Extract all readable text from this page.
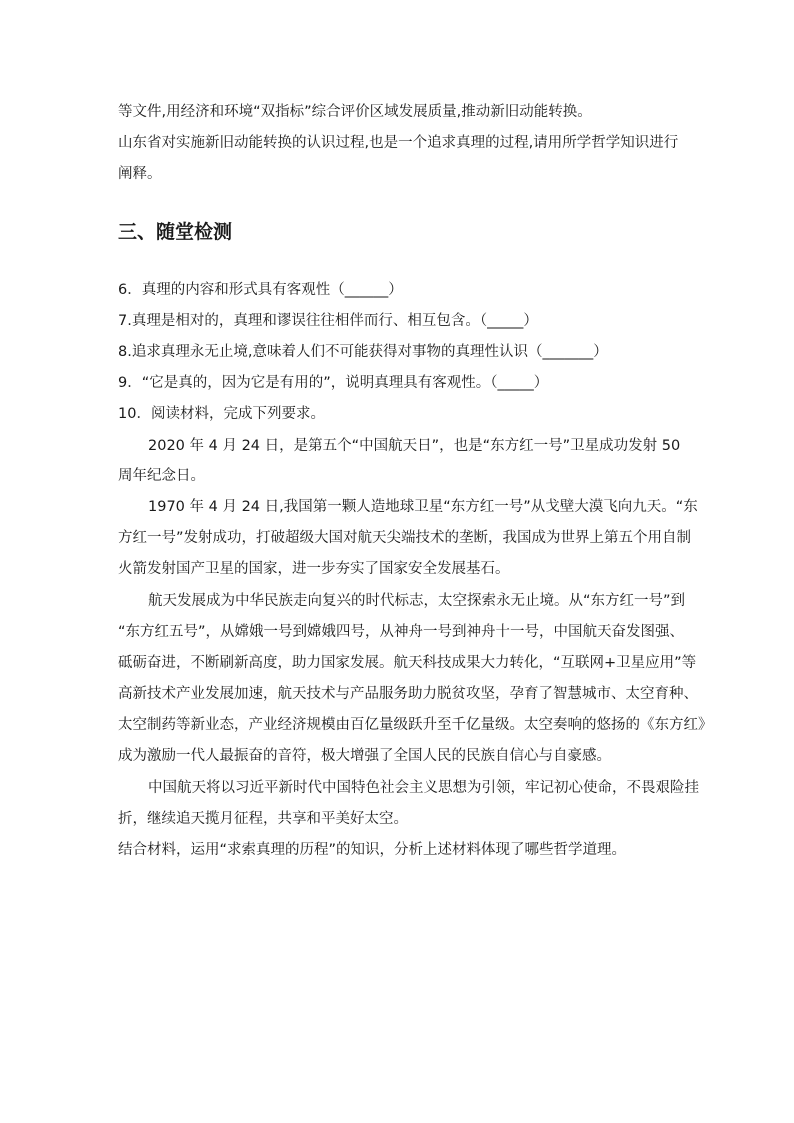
等文件,用经济和环境“双指标”综合评价区域发展质量,推动新旧动能转换。
山东省对实施新旧动能转换的认识过程,也是一个追求真理的过程,请用所学哲学知识进行
阐释。
三、随堂检测
6．真理的内容和形式具有客观性（______）
7.真理是相对的，真理和谬误往往相伴而行、相互包含。（_____）
8.追求真理永无止境,意味着人们不可能获得对事物的真理性认识（_______）
9．“它是真的，因为它是有用的”，说明真理具有客观性。（_____）
10．阅读材料，完成下列要求。
2020 年 4 月 24 日，是第五个“中国航天日”，也是“东方红一号”卫星成功发射 50
周年纪念日。
1970 年 4 月 24 日,我国第一颗人造地球卫星“东方红一号”从戈壁大漠飞向九天。“东
方红一号”发射成功，打破超级大国对航天尖端技术的垄断，我国成为世界上第五个用自制
火箭发射国产卫星的国家，进一步夯实了国家安全发展基石。
航天发展成为中华民族走向复兴的时代标志，太空探索永无止境。从“东方红一号”到
“东方红五号”，从嫦娥一号到嫦娥四号，从神舟一号到神舟十一号，中国航天奋发图强、
砥砺奋进，不断刷新高度，助力国家发展。航天科技成果大力转化，“互联网+卫星应用”等
高新技术产业发展加速，航天技术与产品服务助力脱贫攻坚，孕育了智慧城市、太空育种、
太空制药等新业态，产业经济规模由百亿量级跃升至千亿量级。太空奏响的悠扬的《东方红》
成为激励一代人最振奋的音符，极大增强了全国人民的民族自信心与自豪感。
中国航天将以习近平新时代中国特色社会主义思想为引领，牢记初心使命，不畏艰险挂
折，继续追天揽月征程，共享和平美好太空。
结合材料，运用“求索真理的历程”的知识，分析上述材料体现了哪些哲学道理。
